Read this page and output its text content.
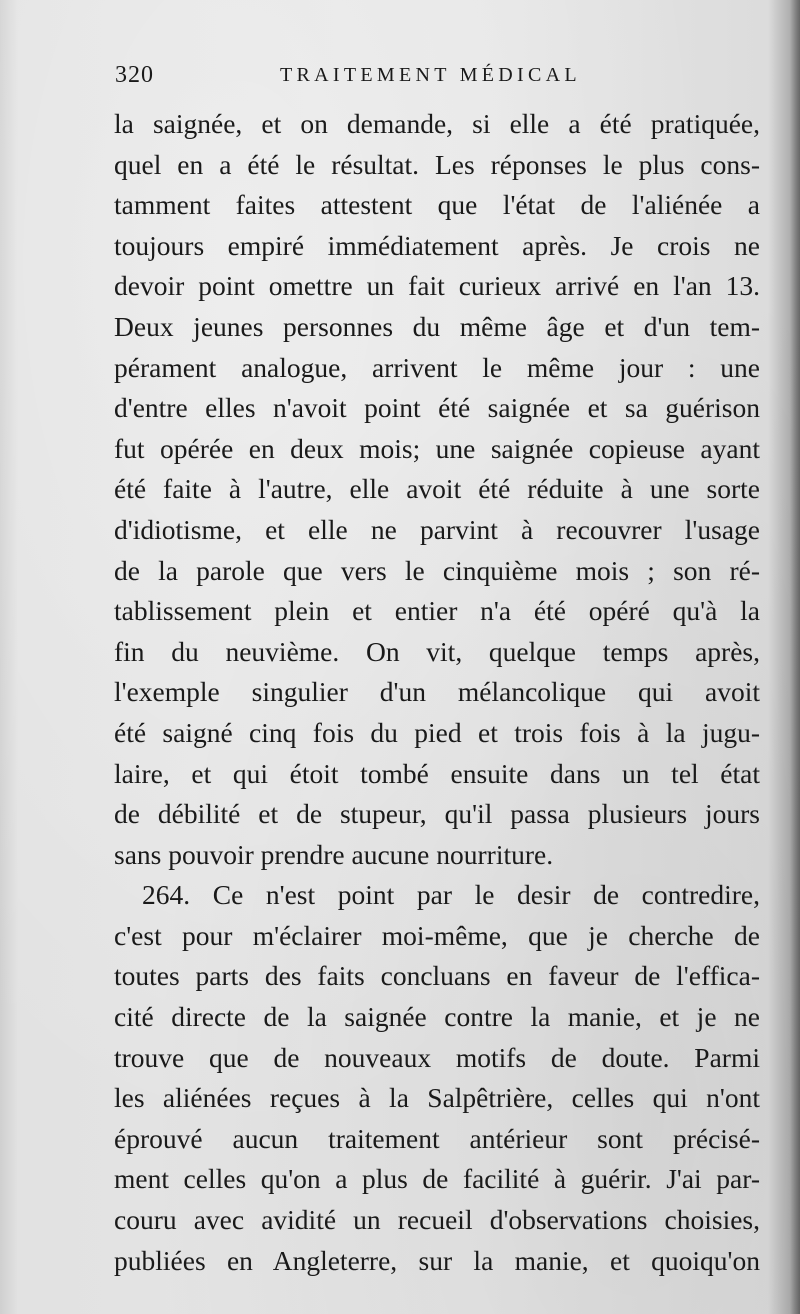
320	TRAITEMENT MÉDICAL
la saignée, et on demande, si elle a été pratiquée,
quel en a été le résultat. Les réponses le plus cons-
tamment faites attestent que l'état de l'aliénée a
toujours empiré immédiatement après. Je crois ne
devoir point omettre un fait curieux arrivé en l'an 13.
Deux jeunes personnes du même âge et d'un tem-
pérament analogue, arrivent le même jour : une
d'entre elles n'avoit point été saignée et sa guérison
fut opérée en deux mois; une saignée copieuse ayant
été faite à l'autre, elle avoit été réduite à une sorte
d'idiotisme, et elle ne parvint à recouvrer l'usage
de la parole que vers le cinquième mois ; son ré-
tablissement plein et entier n'a été opéré qu'à la
fin du neuvième. On vit, quelque temps après,
l'exemple singulier d'un mélancolique qui avoit
été saigné cinq fois du pied et trois fois à la jugu-
laire, et qui étoit tombé ensuite dans un tel état
de débilité et de stupeur, qu'il passa plusieurs jours
sans pouvoir prendre aucune nourriture.
264. Ce n'est point par le desir de contredire,
c'est pour m'éclairer moi-même, que je cherche de
toutes parts des faits concluans en faveur de l'effica-
cité directe de la saignée contre la manie, et je ne
trouve que de nouveaux motifs de doute. Parmi
les aliénées reçues à la Salpêtrière, celles qui n'ont
éprouvé aucun traitement antérieur sont précisé-
ment celles qu'on a plus de facilité à guérir. J'ai par-
couru avec avidité un recueil d'observations choisies,
publiées en Angleterre, sur la manie, et quoiqu'on
